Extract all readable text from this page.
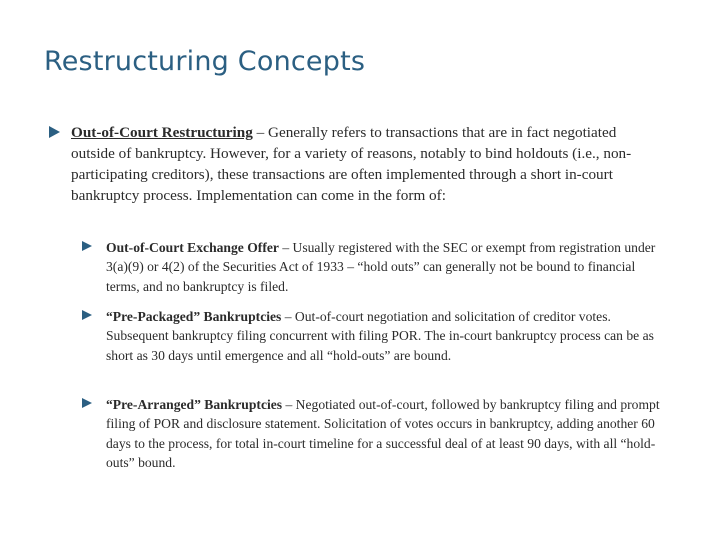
Restructuring Concepts
Out-of-Court Restructuring – Generally refers to transactions that are in fact negotiated outside of bankruptcy. However, for a variety of reasons, notably to bind holdouts (i.e., non-participating creditors), these transactions are often implemented through a short in-court bankruptcy process. Implementation can come in the form of:
Out-of-Court Exchange Offer – Usually registered with the SEC or exempt from registration under 3(a)(9) or 4(2) of the Securities Act of 1933 – “hold outs” can generally not be bound to financial terms, and no bankruptcy is filed.
“Pre-Packaged” Bankruptcies – Out-of-court negotiation and solicitation of creditor votes. Subsequent bankruptcy filing concurrent with filing POR. The in-court bankruptcy process can be as short as 30 days until emergence and all “hold-outs” are bound.
“Pre-Arranged” Bankruptcies – Negotiated out-of-court, followed by bankruptcy filing and prompt filing of POR and disclosure statement. Solicitation of votes occurs in bankruptcy, adding another 60 days to the process, for total in-court timeline for a successful deal of at least 90 days, with all “hold-outs” bound.
